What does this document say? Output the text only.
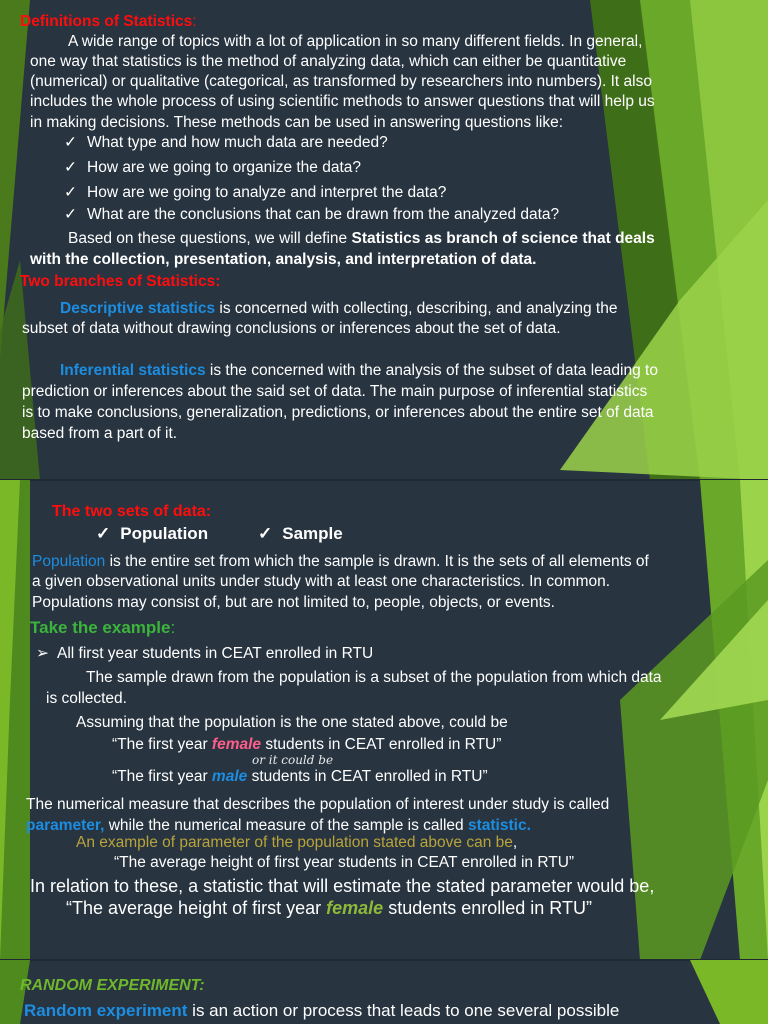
Definitions of Statistics:
A wide range of topics with a lot of application in so many different fields. In general,
one way that statistics is the method of analyzing data, which can either be quantitative
(numerical) or qualitative (categorical, as transformed by researchers into numbers). It also
includes the whole process of using scientific methods to answer questions that will help us
in making decisions. These methods can be used in answering questions like:
✓ What type and how much data are needed?
✓ How are we going to organize the data?
✓ How are we going to analyze and interpret the data?
✓ What are the conclusions that can be drawn from the analyzed data?
Based on these questions, we will define Statistics as branch of science that deals
with the collection, presentation, analysis, and interpretation of data.
Two branches of Statistics:
Descriptive statistics is concerned with collecting, describing, and analyzing the
subset of data without drawing conclusions or inferences about the set of data.
Inferential statistics is the concerned with the analysis of the subset of data leading to
prediction or inferences about the said set of data. The main purpose of inferential statistics
is to make conclusions, generalization, predictions, or inferences about the entire set of data
based from a part of it.
The two sets of data:
✓ Population
✓	Sample
Population is the entire set from which the sample is drawn. It is the sets of all elements of
a given observational units under study with at least one characteristics. In common.
Populations may consist of, but are not limited to, people, objects, or events.
Take the example:
➢ All first year students in CEAT enrolled in RTU
The sample drawn from the population is a subset of the population from which data
is collected.
Assuming that the population is the one stated above, could be
“The first year female students in CEAT enrolled in RTU”
or it could be
“The first year male students in CEAT enrolled in RTU”
The numerical measure that describes the population of interest under study is called
parameter, while the numerical measure of the sample is called statistic.
An example of parameter of the population stated above can be,
“The average height of first year students in CEAT enrolled in RTU”
In relation to these, a statistic that will estimate the stated parameter would be,
“The average height of first year female students enrolled in RTU”
RANDOM EXPERIMENT:
Random experiment is an action or process that leads to one several possible
